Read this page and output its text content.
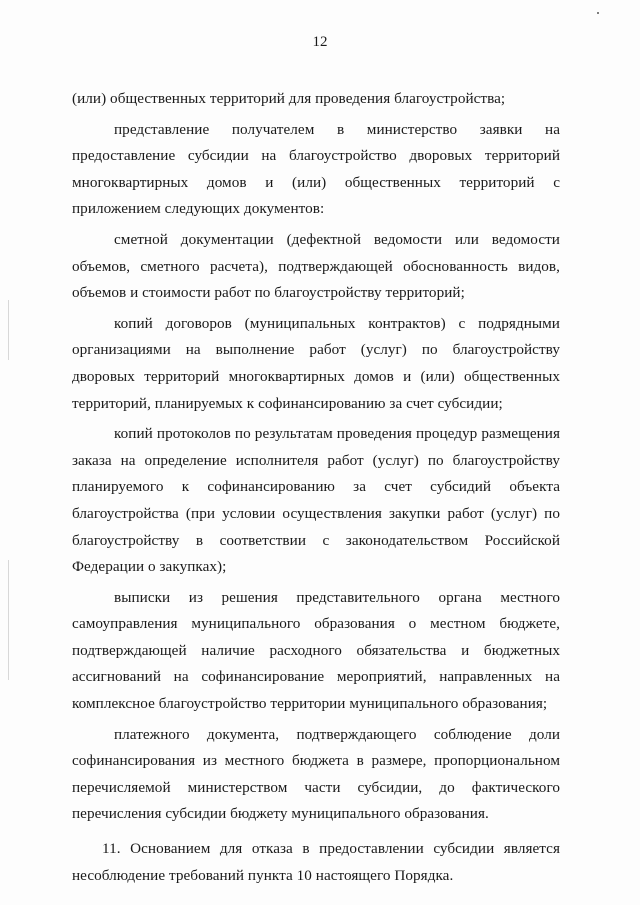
12

(или) общественных территорий для проведения благоустройства;

представление получателем в министерство заявки на предоставление субсидии на благоустройство дворовых территорий многоквартирных домов и (или) общественных территорий с приложением следующих документов:

сметной документации (дефектной ведомости или ведомости объемов, сметного расчета), подтверждающей обоснованность видов, объемов и стоимости работ по благоустройству территорий;

копий договоров (муниципальных контрактов) с подрядными организациями на выполнение работ (услуг) по благоустройству дворовых территорий многоквартирных домов и (или) общественных территорий, планируемых к софинансированию за счет субсидии;

копий протоколов по результатам проведения процедур размещения заказа на определение исполнителя работ (услуг) по благоустройству планируемого к софинансированию за счет субсидий объекта благоустройства (при условии осуществления закупки работ (услуг) по благоустройству в соответствии с законодательством Российской Федерации о закупках);

выписки из решения представительного органа местного самоуправления муниципального образования о местном бюджете, подтверждающей наличие расходного обязательства и бюджетных ассигнований на софинансирование мероприятий, направленных на комплексное благоустройство территории муниципального образования;

платежного документа, подтверждающего соблюдение доли софинансирования из местного бюджета в размере, пропорциональном перечисляемой министерством части субсидии, до фактического перечисления субсидии бюджету муниципального образования.

11. Основанием для отказа в предоставлении субсидии является несоблюдение требований пункта 10 настоящего Порядка.
